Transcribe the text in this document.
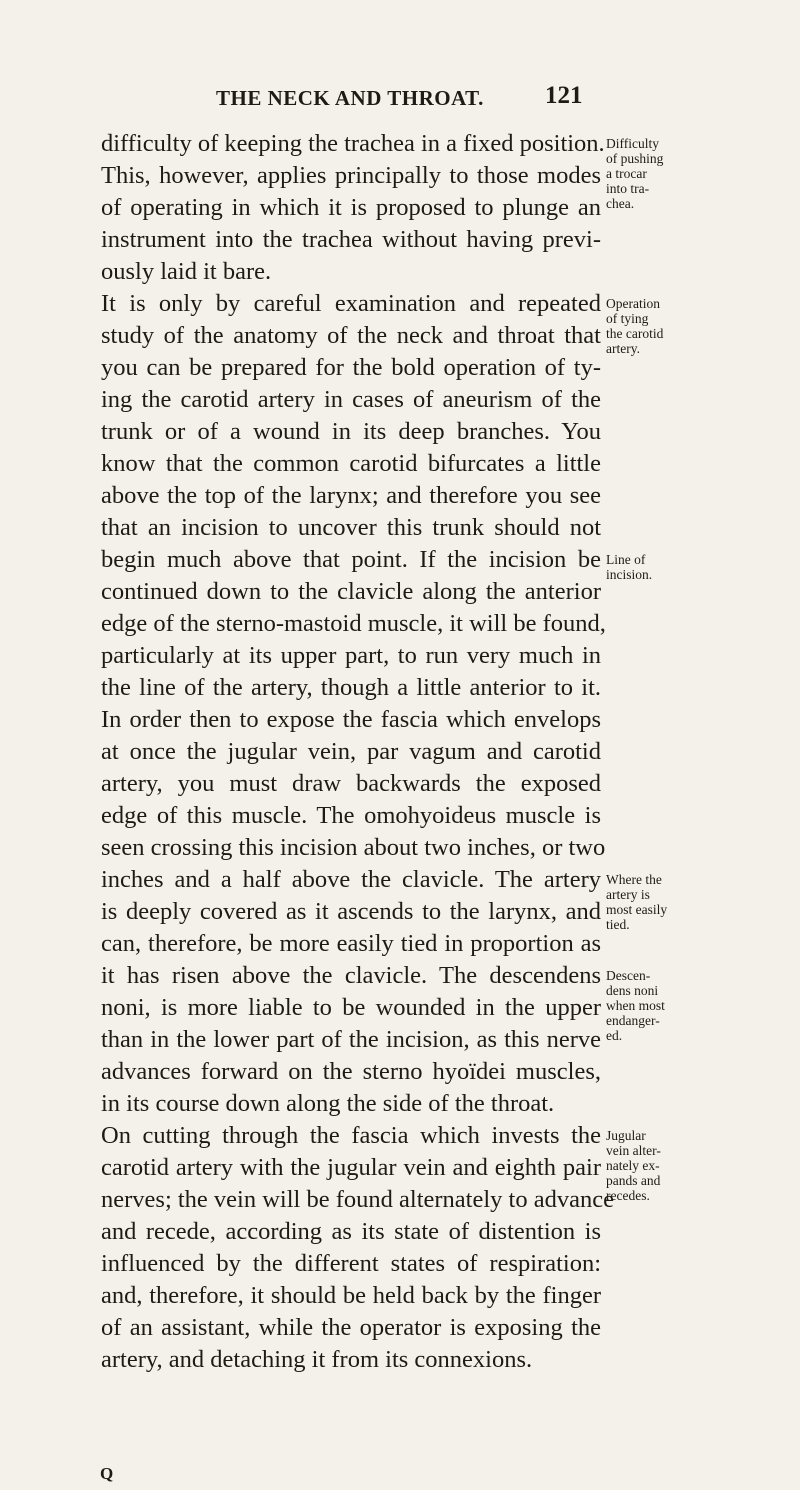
THE NECK AND THROAT. 121
difficulty of keeping the trachea in a fixed position.
This, however, applies principally to those modes
of operating in which it is proposed to plunge an
instrument into the trachea without having previ-
ously laid it bare.
It is only by careful examination and repeated
study of the anatomy of the neck and throat that
you can be prepared for the bold operation of ty-
ing the carotid artery in cases of aneurism of the
trunk or of a wound in its deep branches. You
know that the common carotid bifurcates a little
above the top of the larynx; and therefore you see
that an incision to uncover this trunk should not
begin much above that point. If the incision be
continued down to the clavicle along the anterior
edge of the sterno-mastoid muscle, it will be found,
particularly at its upper part, to run very much in
the line of the artery, though a little anterior to it.
In order then to expose the fascia which envelops
at once the jugular vein, par vagum and carotid
artery, you must draw backwards the exposed
edge of this muscle. The omohyoideus muscle is
seen crossing this incision about two inches, or two
inches and a half above the clavicle. The artery
is deeply covered as it ascends to the larynx, and
can, therefore, be more easily tied in proportion as
it has risen above the clavicle. The descendens
noni, is more liable to be wounded in the upper
than in the lower part of the incision, as this nerve
advances forward on the sterno hyoïdei muscles,
in its course down along the side of the throat.
On cutting through the fascia which invests the
carotid artery with the jugular vein and eighth pair
nerves; the vein will be found alternately to advance
and recede, according as its state of distention is
influenced by the different states of respiration:
and, therefore, it should be held back by the finger
of an assistant, while the operator is exposing the
artery, and detaching it from its connexions.
Difficulty
of pushing
a trocar
into tra-
chea.
Operation
of tying
the carotid
artery.
Line of
incision.
Where the
artery is
most easily
tied.
Descen-
dens noni
when most
endanger-
ed.
Jugular
vein alter-
nately ex-
pands and
recedes.
Q
